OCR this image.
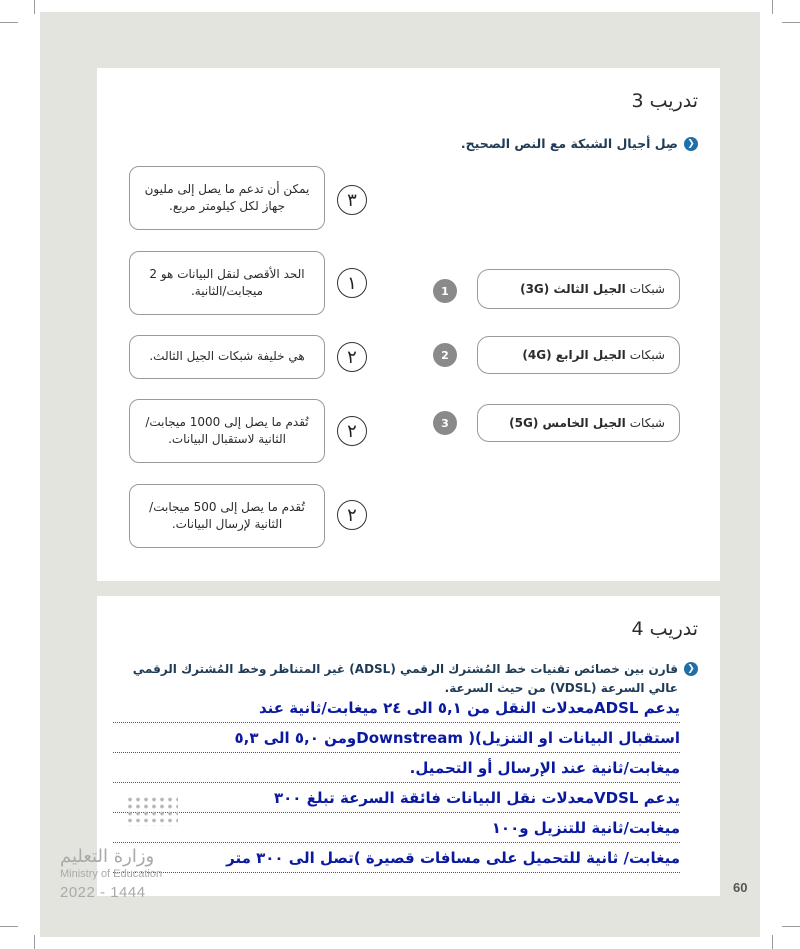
تدريب 3
❮
صِل أجيال الشبكة مع النص الصحيح.
يمكن أن تدعم ما يصل إلى مليون جهاز لكل كيلومتر مربع.	٣
الحد الأقصى لنقل البيانات هو 2 ميجابت/الثانية.	١
هي خليفة شبكات الجيل الثالث.	٢
تُقدم ما يصل إلى 1000 ميجابت/الثانية لاستقبال البيانات.	٢
تُقدم ما يصل إلى 500 ميجابت/الثانية لإرسال البيانات.	٢
1	شبكات
الجيل الثالث (3G)
2	شبكات
الجيل الرابع (4G)
3	شبكات
الجيل الخامس (5G)
تدريب 4
❮
قارن بين خصائص تقنيات خط المُشترك الرقمي (ADSL) غير المتناظر وخط المُشترك الرقمي
عالي السرعة (VDSL) من حيث السرعة.
يدعم ADSLمعدلات النقل من ٥,١ الى ٢٤ ميغابت/ثانية عند
استقبال البيانات او التنزيل)( Downstreamومن ٥,٠ الى ٥,٣
ميغابت/ثانية عند الإرسال أو التحميل.
يدعم VDSLمعدلات نقل البيانات فائقة السرعة تبلغ ٣٠٠
ميغابت/ثانية للتنزيل و١٠٠
ميغابت/ ثانية للتحميل على مسافات قصيرة )تصل الى ٣٠٠ متر
وزارة التعليم
Ministry of Education
2022 - 1444	60
